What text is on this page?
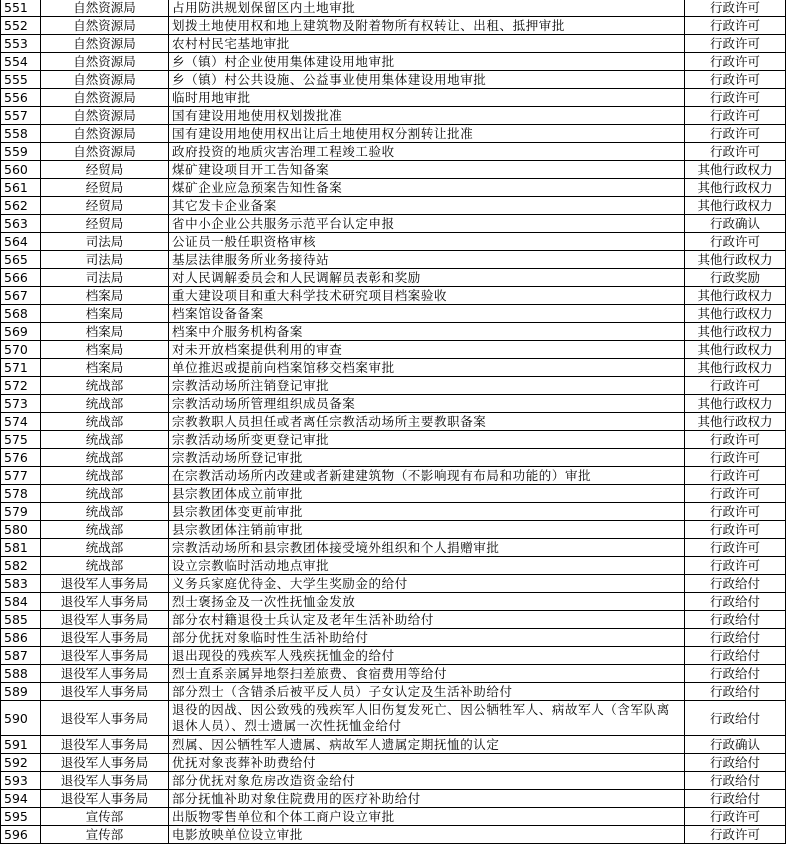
551	自然资源局	占用防洪规划保留区内土地审批	行政许可
552	自然资源局	划拨土地使用权和地上建筑物及附着物所有权转让、出租、抵押审批	行政许可
553	自然资源局	农村村民宅基地审批	行政许可
554	自然资源局	乡（镇）村企业使用集体建设用地审批	行政许可
555	自然资源局	乡（镇）村公共设施、公益事业使用集体建设用地审批	行政许可
556	自然资源局	临时用地审批	行政许可
557	自然资源局	国有建设用地使用权划拨批准	行政许可
558	自然资源局	国有建设用地使用权出让后土地使用权分割转让批准	行政许可
559	自然资源局	政府投资的地质灾害治理工程竣工验收	行政许可
560	经贸局	煤矿建设项目开工告知备案	其他行政权力
561	经贸局	煤矿企业应急预案告知性备案	其他行政权力
562	经贸局	其它发卡企业备案	其他行政权力
563	经贸局	省中小企业公共服务示范平台认定申报	行政确认
564	司法局	公证员一般任职资格审核	行政许可
565	司法局	基层法律服务所业务接待站	其他行政权力
566	司法局	对人民调解委员会和人民调解员表彰和奖励	行政奖励
567	档案局	重大建设项目和重大科学技术研究项目档案验收	其他行政权力
568	档案局	档案馆设备备案	其他行政权力
569	档案局	档案中介服务机构备案	其他行政权力
570	档案局	对未开放档案提供利用的审查	其他行政权力
571	档案局	单位推迟或提前向档案馆移交档案审批	其他行政权力
572	统战部	宗教活动场所注销登记审批	行政许可
573	统战部	宗教活动场所管理组织成员备案	其他行政权力
574	统战部	宗教教职人员担任或者离任宗教活动场所主要教职备案	其他行政权力
575	统战部	宗教活动场所变更登记审批	行政许可
576	统战部	宗教活动场所登记审批	行政许可
577	统战部	在宗教活动场所内改建或者新建建筑物（不影响现有布局和功能的）审批	行政许可
578	统战部	县宗教团体成立前审批	行政许可
579	统战部	县宗教团体变更前审批	行政许可
580	统战部	县宗教团体注销前审批	行政许可
581	统战部	宗教活动场所和县宗教团体接受境外组织和个人捐赠审批	行政许可
582	统战部	设立宗教临时活动地点审批	行政许可
583	退役军人事务局	义务兵家庭优待金、大学生奖励金的给付	行政给付
584	退役军人事务局	烈士褒扬金及一次性抚恤金发放	行政给付
585	退役军人事务局	部分农村籍退役士兵认定及老年生活补助给付	行政给付
586	退役军人事务局	部分优抚对象临时性生活补助给付	行政给付
587	退役军人事务局	退出现役的残疾军人残疾抚恤金的给付	行政给付
588	退役军人事务局	烈士直系亲属异地祭扫差旅费、食宿费用等给付	行政给付
589	退役军人事务局	部分烈士（含错杀后被平反人员）子女认定及生活补助给付	行政给付
590	退役军人事务局	退役的因战、因公致残的残疾军人旧伤复发死亡、因公牺牲军人、病故军人（含军队离退休人员）、烈士遗属一次性抚恤金给付	行政给付
591	退役军人事务局	烈属、因公牺牲军人遗属、病故军人遗属定期抚恤的认定	行政确认
592	退役军人事务局	优抚对象丧葬补助费给付	行政给付
593	退役军人事务局	部分优抚对象危房改造资金给付	行政给付
594	退役军人事务局	部分抚恤补助对象住院费用的医疗补助给付	行政给付
595	宣传部	出版物零售单位和个体工商户设立审批	行政许可
596	宣传部	电影放映单位设立审批	行政许可
